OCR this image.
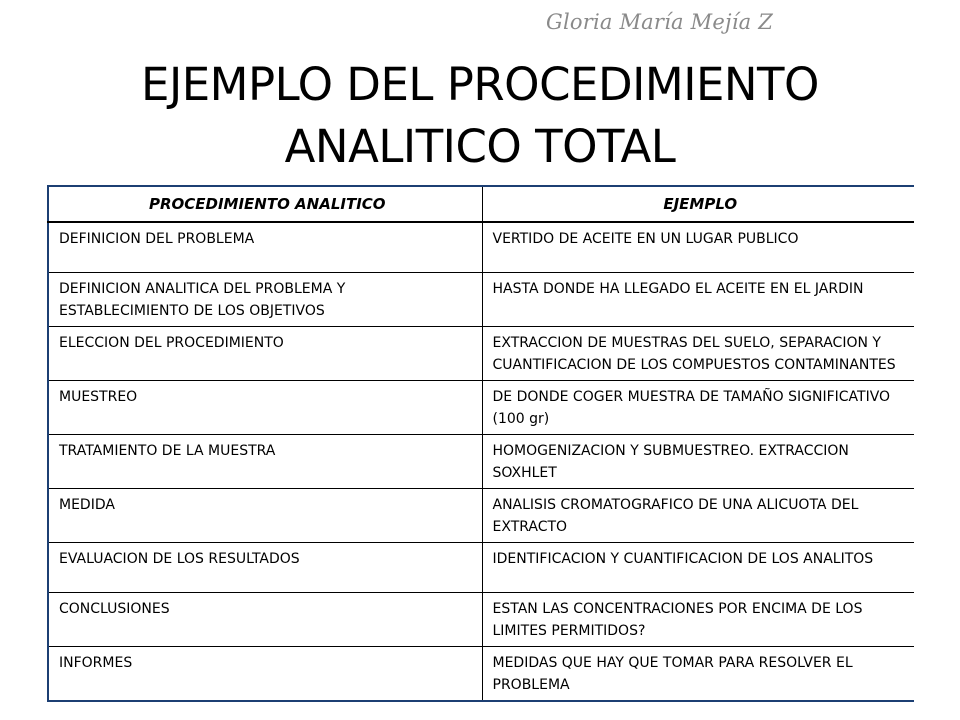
Gloria María Mejía Z
EJEMPLO DEL PROCEDIMIENTO
ANALITICO TOTAL
PROCEDIMIENTO ANALITICO	EJEMPLO
DEFINICION DEL PROBLEMA	VERTIDO DE ACEITE EN UN LUGAR PUBLICO
DEFINICION ANALITICA DEL PROBLEMA Y ESTABLECIMIENTO DE LOS OBJETIVOS	HASTA DONDE HA LLEGADO EL ACEITE EN EL JARDIN
ELECCION DEL PROCEDIMIENTO	EXTRACCION DE MUESTRAS DEL SUELO, SEPARACION Y CUANTIFICACION DE LOS COMPUESTOS CONTAMINANTES
MUESTREO	DE DONDE COGER MUESTRA DE TAMAÑO SIGNIFICATIVO (100 gr)
TRATAMIENTO DE LA MUESTRA	HOMOGENIZACION Y SUBMUESTREO. EXTRACCION SOXHLET
MEDIDA	ANALISIS CROMATOGRAFICO DE UNA ALICUOTA DEL EXTRACTO
EVALUACION DE LOS RESULTADOS	IDENTIFICACION Y CUANTIFICACION DE LOS ANALITOS
CONCLUSIONES	ESTAN LAS CONCENTRACIONES POR ENCIMA DE LOS LIMITES PERMITIDOS?
INFORMES	MEDIDAS QUE HAY QUE TOMAR PARA RESOLVER EL PROBLEMA
